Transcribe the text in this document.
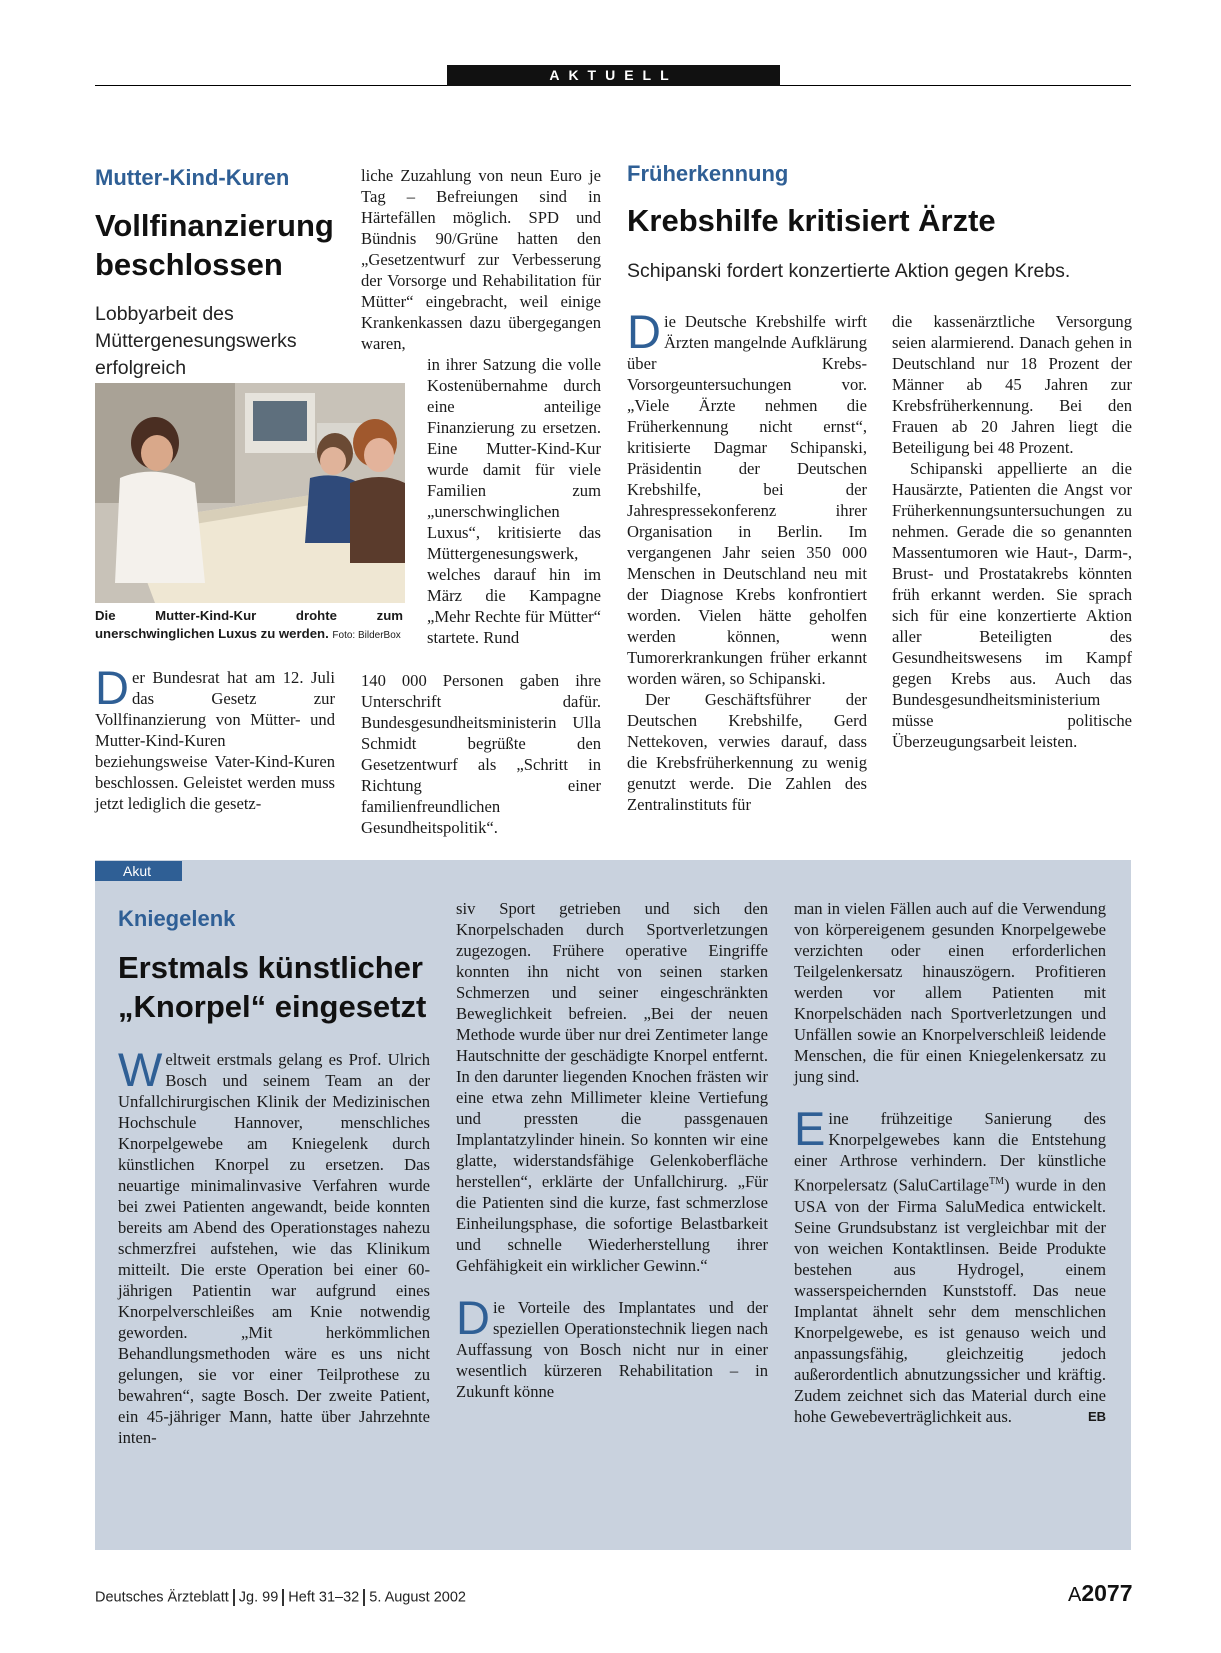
AKTUELL
Mutter-Kind-Kuren
Vollfinanzierung
beschlossen
Lobbyarbeit des Müttergenesungswerks erfolgreich
Die Mutter-Kind-Kur drohte zum unerschwinglichen Luxus zu werden. Foto: BilderBox

Der Bundesrat hat am 12. Juli das Gesetz zur Vollfinanzierung von Mütter- und Mutter-Kind-Kuren beziehungsweise Vater-Kind-Kuren beschlossen. Geleistet werden muss jetzt lediglich die gesetz-

liche Zuzahlung von neun Euro je Tag – Befreiungen sind in Härtefällen möglich. SPD und Bündnis 90/Grüne hatten den „Gesetzentwurf zur Verbesserung der Vorsorge und Rehabilitation für Mütter“ eingebracht, weil einige Krankenkassen dazu übergegangen waren,
in ihrer Satzung die volle Kostenübernahme durch eine anteilige Finanzierung zu ersetzen. Eine Mutter-Kind-Kur wurde damit für viele Familien zum „unerschwinglichen Luxus“, kritisierte das Müttergenesungswerk, welches darauf hin im März die Kampagne „Mehr Rechte für Mütter“ startete. Rund
140 000 Personen gaben ihre Unterschrift dafür. Bundesgesundheitsministerin Ulla Schmidt begrüßte den Gesetzentwurf als „Schritt in Richtung einer familienfreundlichen Gesundheitspolitik“.
Früherkennung
Krebshilfe kritisiert Ärzte
Schipanski fordert konzertierte Aktion gegen Krebs.

Die Deutsche Krebshilfe wirft Ärzten mangelnde Aufklärung über Krebs-Vorsorgeuntersuchungen vor. „Viele Ärzte nehmen die Früherkennung nicht ernst“, kritisierte Dagmar Schipanski, Präsidentin der Deutschen Krebshilfe, bei der Jahrespressekonferenz ihrer Organisation in Berlin. Im vergangenen Jahr seien 350 000 Menschen in Deutschland neu mit der Diagnose Krebs konfrontiert worden. Vielen hätte geholfen werden können, wenn Tumorerkrankungen früher erkannt worden wären, so Schipanski.

Der Geschäftsführer der Deutschen Krebshilfe, Gerd Nettekoven, verwies darauf, dass die Krebsfrüherkennung zu wenig genutzt werde. Die Zahlen des Zentralinstituts für

die kassenärztliche Versorgung seien alarmierend. Danach gehen in Deutschland nur 18 Prozent der Männer ab 45 Jahren zur Krebsfrüherkennung. Bei den Frauen ab 20 Jahren liegt die Beteiligung bei 48 Prozent.

Schipanski appellierte an die Hausärzte, Patienten die Angst vor Früherkennungsuntersuchungen zu nehmen. Gerade die so genannten Massentumoren wie Haut-, Darm-, Brust- und Prostatakrebs könnten früh erkannt werden. Sie sprach sich für eine konzertierte Aktion aller Beteiligten des Gesundheitswesens im Kampf gegen Krebs aus. Auch das Bundesgesundheitsministerium müsse politische Überzeugungsarbeit leisten.

Akut
Kniegelenk
Erstmals künstlicher
„Knorpel“ eingesetzt

Weltweit erstmals gelang es Prof. Ulrich Bosch und seinem Team an der Unfallchirurgischen Klinik der Medizinischen Hochschule Hannover, menschliches Knorpelgewebe am Kniegelenk durch künstlichen Knorpel zu ersetzen. Das neuartige minimalinvasive Verfahren wurde bei zwei Patienten angewandt, beide konnten bereits am Abend des Operationstages nahezu schmerzfrei aufstehen, wie das Klinikum mitteilt. Die erste Operation bei einer 60-jährigen Patientin war aufgrund eines Knorpelverschleißes am Knie notwendig geworden. „Mit herkömmlichen Behandlungsmethoden wäre es uns nicht gelungen, sie vor einer Teilprothese zu bewahren“, sagte Bosch. Der zweite Patient, ein 45-jähriger Mann, hatte über Jahrzehnte inten-

siv Sport getrieben und sich den Knorpelschaden durch Sportverletzungen zugezogen. Frühere operative Eingriffe konnten ihn nicht von seinen starken Schmerzen und seiner eingeschränkten Beweglichkeit befreien. „Bei der neuen Methode wurde über nur drei Zentimeter lange Hautschnitte der geschädigte Knorpel entfernt. In den darunter liegenden Knochen frästen wir eine etwa zehn Millimeter kleine Vertiefung und pressten die passgenauen Implantatzylinder hinein. So konnten wir eine glatte, widerstandsfähige Gelenkoberfläche herstellen“, erklärte der Unfallchirurg. „Für die Patienten sind die kurze, fast schmerzlose Einheilungsphase, die sofortige Belastbarkeit und schnelle Wiederherstellung ihrer Gehfähigkeit ein wirklicher Gewinn.“

Die Vorteile des Implantates und der speziellen Operationstechnik liegen nach Auffassung von Bosch nicht nur in einer wesentlich kürzeren Rehabilitation – in Zukunft könne

man in vielen Fällen auch auf die Verwendung von körpereigenem gesunden Knorpelgewebe verzichten oder einen erforderlichen Teilgelenkersatz hinauszögern. Profitieren werden vor allem Patienten mit Knorpelschäden nach Sportverletzungen und Unfällen sowie an Knorpelverschleiß leidende Menschen, die für einen Kniegelenkersatz zu jung sind.

Eine frühzeitige Sanierung des Knorpelgewebes kann die Entstehung einer Arthrose verhindern. Der künstliche Knorpelersatz (SaluCartilage™) wurde in den USA von der Firma SaluMedica entwickelt. Seine Grundsubstanz ist vergleichbar mit der von weichen Kontaktlinsen. Beide Produkte bestehen aus Hydrogel, einem wasserspeichernden Kunststoff. Das neue Implantat ähnelt sehr dem menschlichen Knorpelgewebe, es ist genauso weich und anpassungsfähig, gleichzeitig jedoch außerordentlich abnutzungssicher und kräftig. Zudem zeichnet sich das Material durch eine hohe Gewebeverträglichkeit aus.	EB

Deutsches Ärzteblatt Jg. 99 Heft 31–32 5. August 2002	A2077
